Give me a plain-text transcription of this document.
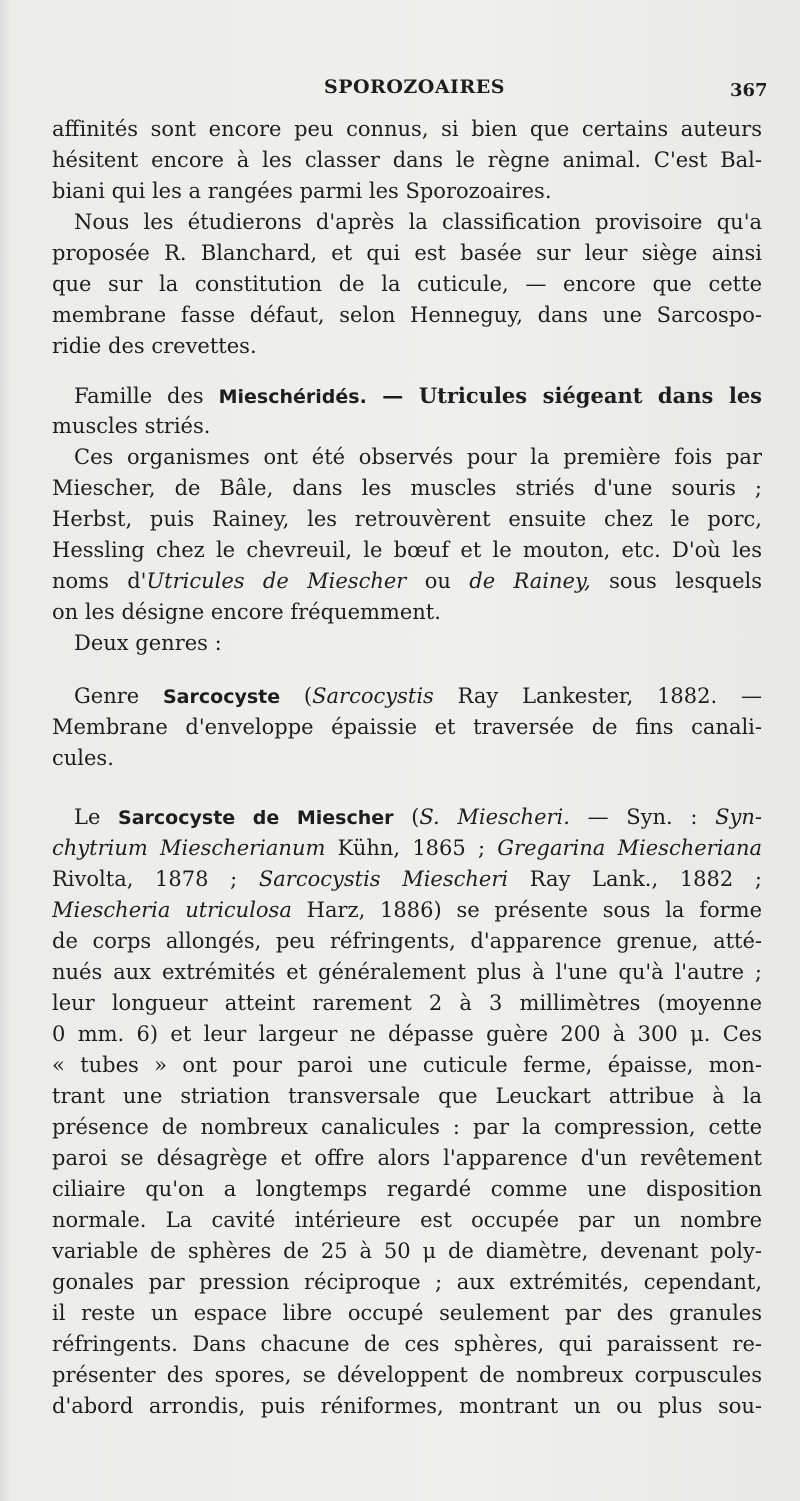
SPOROZOAIRES	367
affinités sont encore peu connus, si bien que certains auteurs
hésitent encore à les classer dans le règne animal. C'est Bal-
biani qui les a rangées parmi les Sporozoaires.
Nous les étudierons d'après la classification provisoire qu'a
proposée R. Blanchard, et qui est basée sur leur siège ainsi
que sur la constitution de la cuticule, — encore que cette
membrane fasse défaut, selon Henneguy, dans une Sarcospo-
ridie des crevettes.
Famille des Mieschéridés. — Utricules siégeant dans les
muscles striés.
Ces organismes ont été observés pour la première fois par
Miescher, de Bâle, dans les muscles striés d'une souris ;
Herbst, puis Rainey, les retrouvèrent ensuite chez le porc,
Hessling chez le chevreuil, le bœuf et le mouton, etc. D'où les
noms d'Utricules de Miescher ou de Rainey, sous lesquels
on les désigne encore fréquemment.
Deux genres :
Genre Sarcocyste (Sarcocystis Ray Lankester, 1882. —
Membrane d'enveloppe épaissie et traversée de fins canali-
cules.
Le Sarcocyste de Miescher (S. Miescheri. — Syn. : Syn-
chytrium Miescherianum Kühn, 1865 ; Gregarina Miescheriana
Rivolta, 1878 ; Sarcocystis Miescheri Ray Lank., 1882 ;
Miescheria utriculosa Harz, 1886) se présente sous la forme
de corps allongés, peu réfringents, d'apparence grenue, atté-
nués aux extrémités et généralement plus à l'une qu'à l'autre ;
leur longueur atteint rarement 2 à 3 millimètres (moyenne
0 mm. 6) et leur largeur ne dépasse guère 200 à 300 μ. Ces
« tubes » ont pour paroi une cuticule ferme, épaisse, mon-
trant une striation transversale que Leuckart attribue à la
présence de nombreux canalicules : par la compression, cette
paroi se désagrège et offre alors l'apparence d'un revêtement
ciliaire qu'on a longtemps regardé comme une disposition
normale. La cavité intérieure est occupée par un nombre
variable de sphères de 25 à 50 μ de diamètre, devenant poly-
gonales par pression réciproque ; aux extrémités, cependant,
il reste un espace libre occupé seulement par des granules
réfringents. Dans chacune de ces sphères, qui paraissent re-
présenter des spores, se développent de nombreux corpuscules
d'abord arrondis, puis réniformes, montrant un ou plus sou-
